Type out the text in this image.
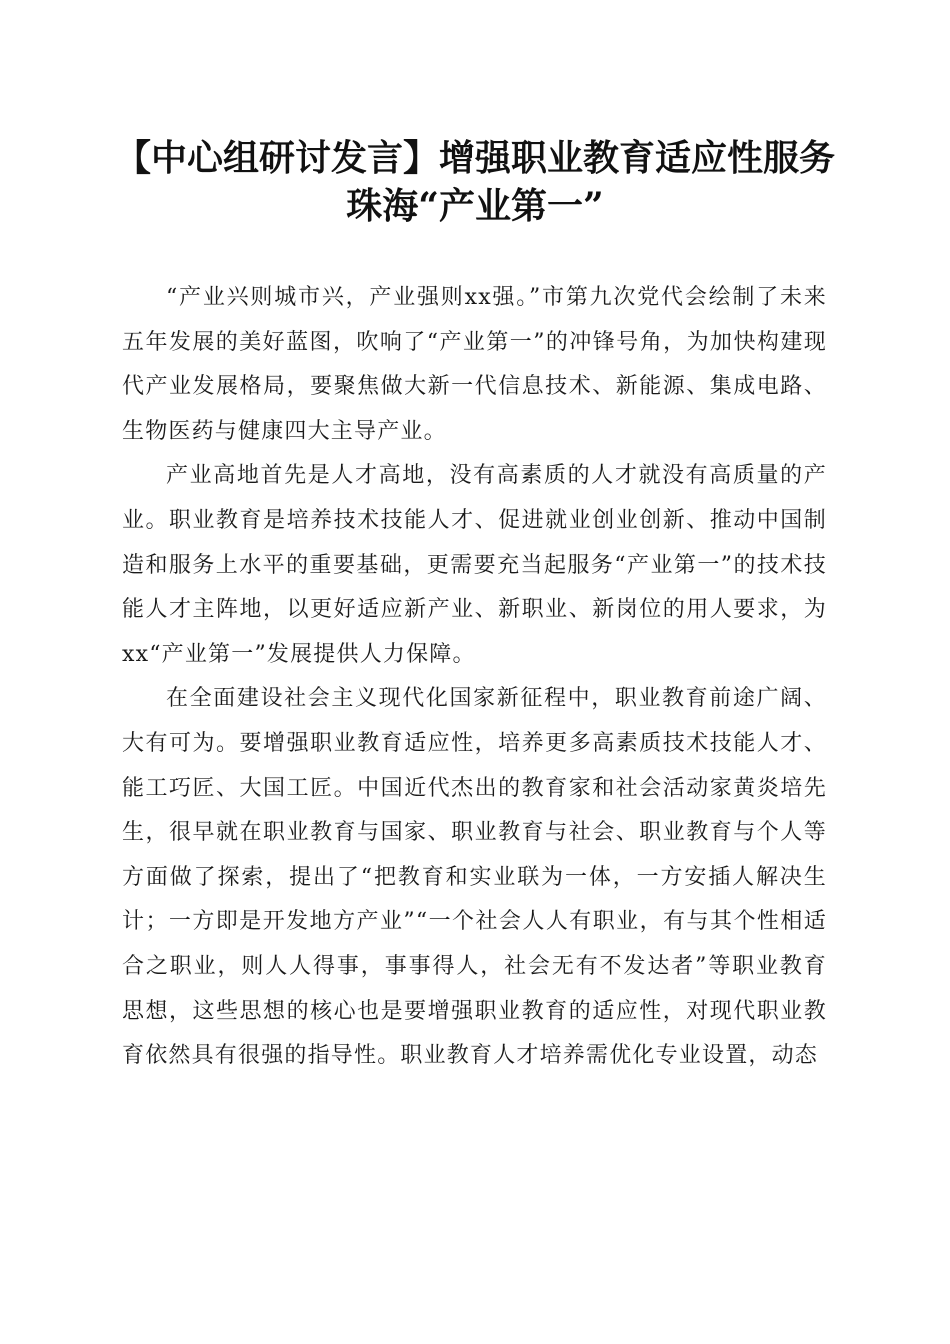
【中心组研讨发言】增强职业教育适应性服务
珠海“产业第一”

“产业兴则城市兴，产业强则xx强。”市第九次党代会绘制了未来五年发展的美好蓝图，吹响了“产业第一”的冲锋号角，为加快构建现代产业发展格局，要聚焦做大新一代信息技术、新能源、集成电路、生物医药与健康四大主导产业。

产业高地首先是人才高地，没有高素质的人才就没有高质量的产业。职业教育是培养技术技能人才、促进就业创业创新、推动中国制造和服务上水平的重要基础，更需要充当起服务“产业第一”的技术技能人才主阵地，以更好适应新产业、新职业、新岗位的用人要求，为xx“产业第一”发展提供人力保障。

在全面建设社会主义现代化国家新征程中，职业教育前途广阔、大有可为。要增强职业教育适应性，培养更多高素质技术技能人才、能工巧匠、大国工匠。中国近代杰出的教育家和社会活动家黄炎培先生，很早就在职业教育与国家、职业教育与社会、职业教育与个人等方面做了探索，提出了“把教育和实业联为一体，一方安插人解决生计；一方即是开发地方产业”“一个社会人人有职业，有与其个性相适合之职业，则人人得事，事事得人，社会无有不发达者”等职业教育思想，这些思想的核心也是要增强职业教育的适应性，对现代职业教育依然具有很强的指导性。职业教育人才培养需优化专业设置，动态
